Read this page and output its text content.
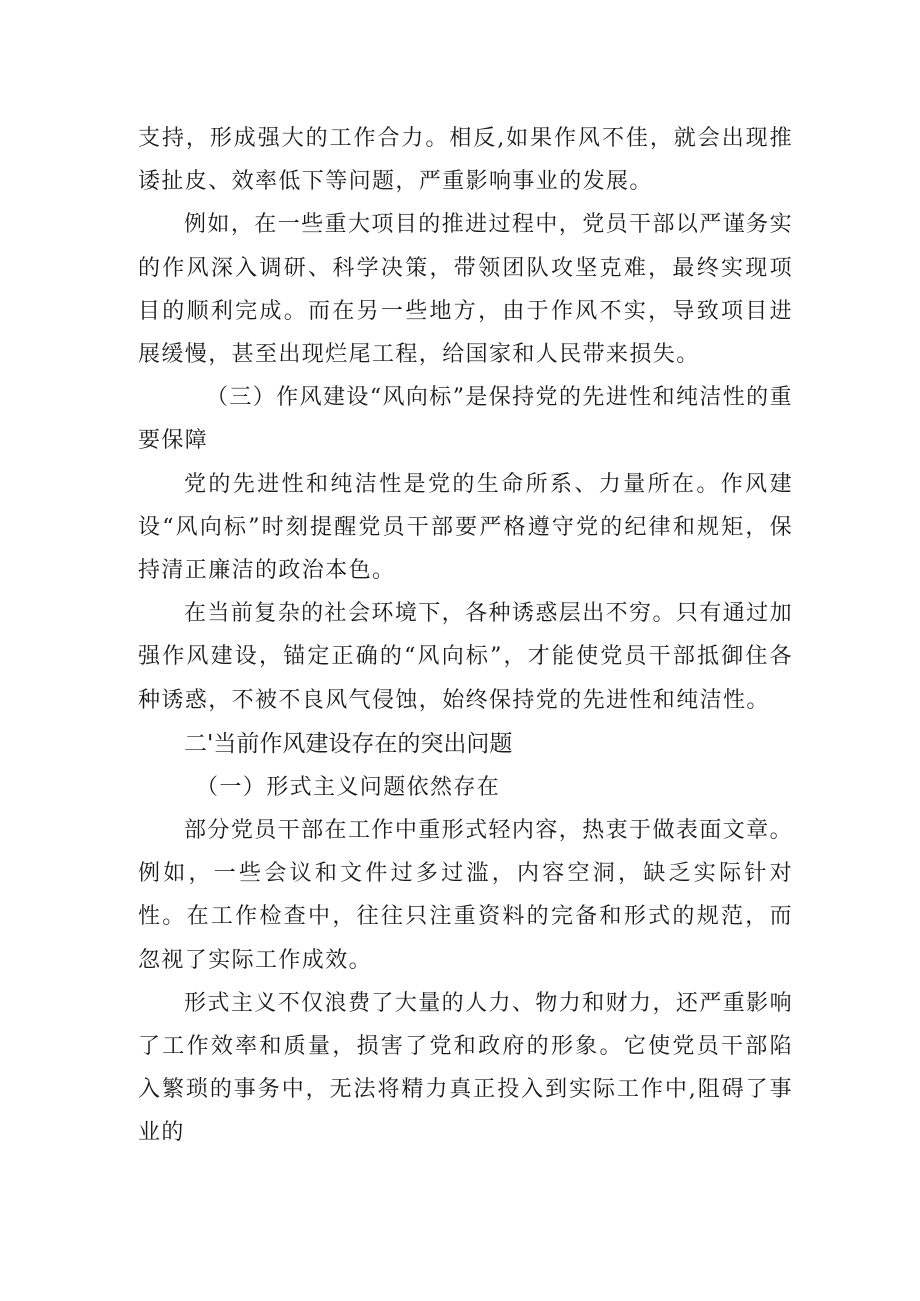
支持，形成强大的工作合力。相反,如果作风不佳，就会出现推诿扯皮、效率低下等问题，严重影响事业的发展。

例如，在一些重大项目的推进过程中，党员干部以严谨务实的作风深入调研、科学决策，带领团队攻坚克难，最终实现项目的顺利完成。而在另一些地方，由于作风不实，导致项目进展缓慢，甚至出现烂尾工程，给国家和人民带来损失。

（三）作风建设“风向标”是保持党的先进性和纯洁性的重要保障

党的先进性和纯洁性是党的生命所系、力量所在。作风建设“风向标”时刻提醒党员干部要严格遵守党的纪律和规矩，保持清正廉洁的政治本色。

在当前复杂的社会环境下，各种诱惑层出不穷。只有通过加强作风建设，锚定正确的“风向标”，才能使党员干部抵御住各种诱惑，不被不良风气侵蚀，始终保持党的先进性和纯洁性。

二'当前作风建设存在的突出问题

（一）形式主义问题依然存在

部分党员干部在工作中重形式轻内容，热衷于做表面文章。例如，一些会议和文件过多过滥，内容空洞，缺乏实际针对性。在工作检查中，往往只注重资料的完备和形式的规范，而忽视了实际工作成效。

形式主义不仅浪费了大量的人力、物力和财力，还严重影响了工作效率和质量，损害了党和政府的形象。它使党员干部陷入繁琐的事务中，无法将精力真正投入到实际工作中,阻碍了事业的
